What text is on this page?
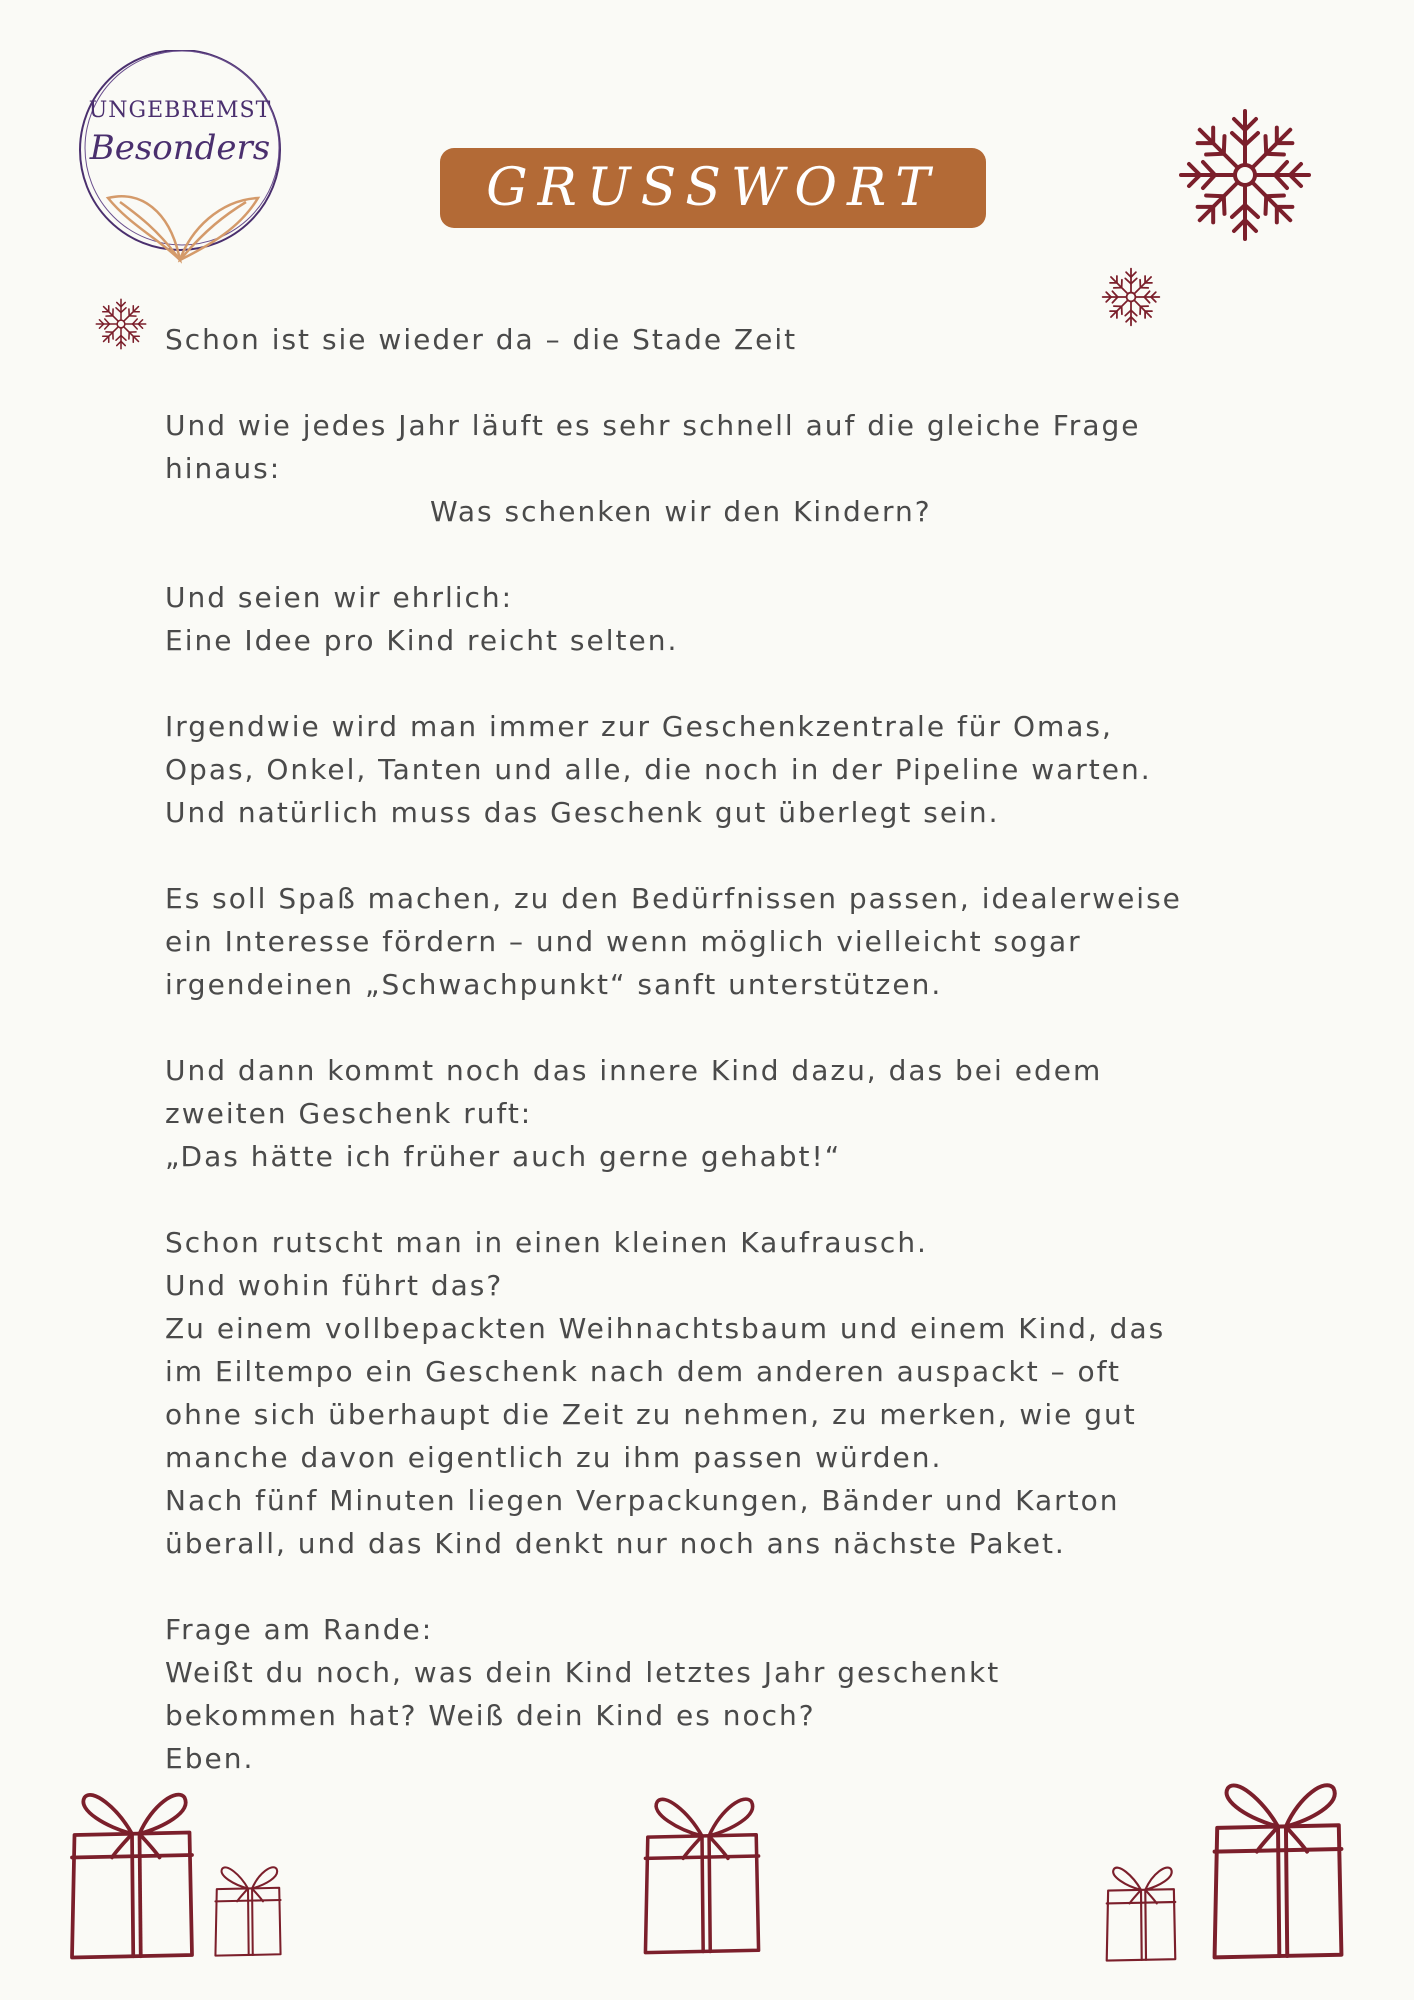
UNGEBREMST
Besonders
GRUSSWORT

Schon ist sie wieder da – die Stade Zeit

Und wie jedes Jahr läuft es sehr schnell auf die gleiche Frage
hinaus:
Was schenken wir den Kindern?

Und seien wir ehrlich:
Eine Idee pro Kind reicht selten.

Irgendwie wird man immer zur Geschenkzentrale für Omas,
Opas, Onkel, Tanten und alle, die noch in der Pipeline warten.
Und natürlich muss das Geschenk gut überlegt sein.

Es soll Spaß machen, zu den Bedürfnissen passen, idealerweise
ein Interesse fördern – und wenn möglich vielleicht sogar
irgendeinen „Schwachpunkt“ sanft unterstützen.

Und dann kommt noch das innere Kind dazu, das bei edem
zweiten Geschenk ruft:
„Das hätte ich früher auch gerne gehabt!“

Schon rutscht man in einen kleinen Kaufrausch.
Und wohin führt das?
Zu einem vollbepackten Weihnachtsbaum und einem Kind, das
im Eiltempo ein Geschenk nach dem anderen auspackt – oft
ohne sich überhaupt die Zeit zu nehmen, zu merken, wie gut
manche davon eigentlich zu ihm passen würden.
Nach fünf Minuten liegen Verpackungen, Bänder und Karton
überall, und das Kind denkt nur noch ans nächste Paket.

Frage am Rande:
Weißt du noch, was dein Kind letztes Jahr geschenkt
bekommen hat? Weiß dein Kind es noch?
Eben.
